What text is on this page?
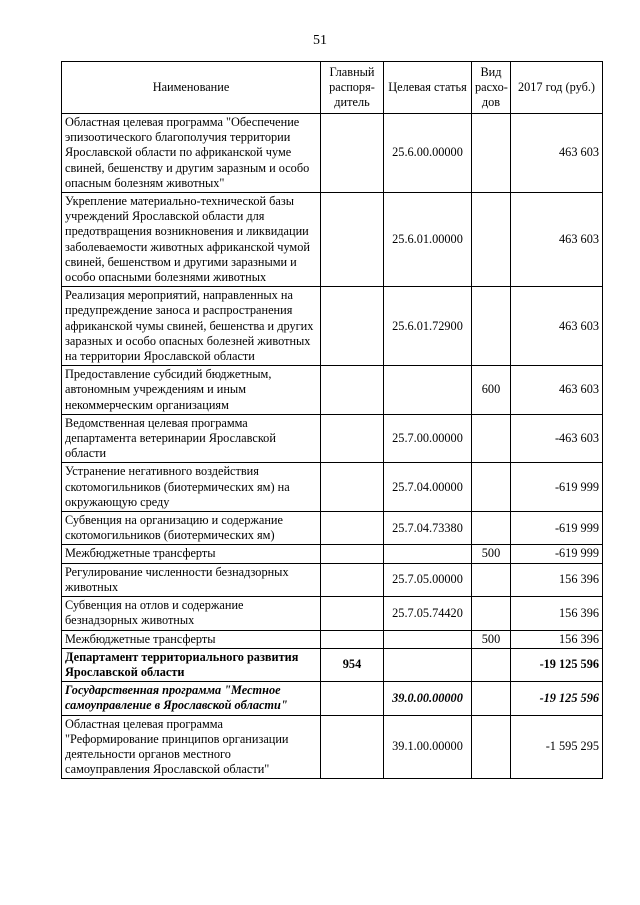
51
Наименование	Главный распоря-дитель	Целевая статья	Вид расхо-дов	2017 год (руб.)
Областная целевая программа "Обеспечение эпизоотического благополучия территории Ярославской области по африканской чуме свиней, бешенству и другим заразным и особо опасным болезням животных"		25.6.00.00000		463 603
Укрепление материально-технической базы учреждений Ярославской области для предотвращения возникновения и ликвидации заболеваемости животных африканской чумой свиней, бешенством и другими заразными и особо опасными болезнями животных		25.6.01.00000		463 603
Реализация мероприятий, направленных на предупреждение заноса и распространения африканской чумы свиней, бешенства и других заразных и особо опасных болезней животных на территории Ярославской области		25.6.01.72900		463 603
Предоставление субсидий бюджетным, автономным учреждениям и иным некоммерческим организациям			600	463 603
Ведомственная целевая программа департамента ветеринарии Ярославской области		25.7.00.00000		-463 603
Устранение негативного воздействия скотомогильников (биотермических ям) на окружающую среду		25.7.04.00000		-619 999
Субвенция на организацию и содержание скотомогильников (биотермических ям)		25.7.04.73380		-619 999
Межбюджетные трансферты			500	-619 999
Регулирование численности безнадзорных животных		25.7.05.00000		156 396
Субвенция на отлов и содержание безнадзорных животных		25.7.05.74420		156 396
Межбюджетные трансферты			500	156 396
Департамент территориального развития Ярославской области	954			-19 125 596
Государственная программа "Местное самоуправление в Ярославской области"		39.0.00.00000		-19 125 596
Областная целевая программа "Реформирование принципов организации деятельности органов местного самоуправления Ярославской области"		39.1.00.00000		-1 595 295
